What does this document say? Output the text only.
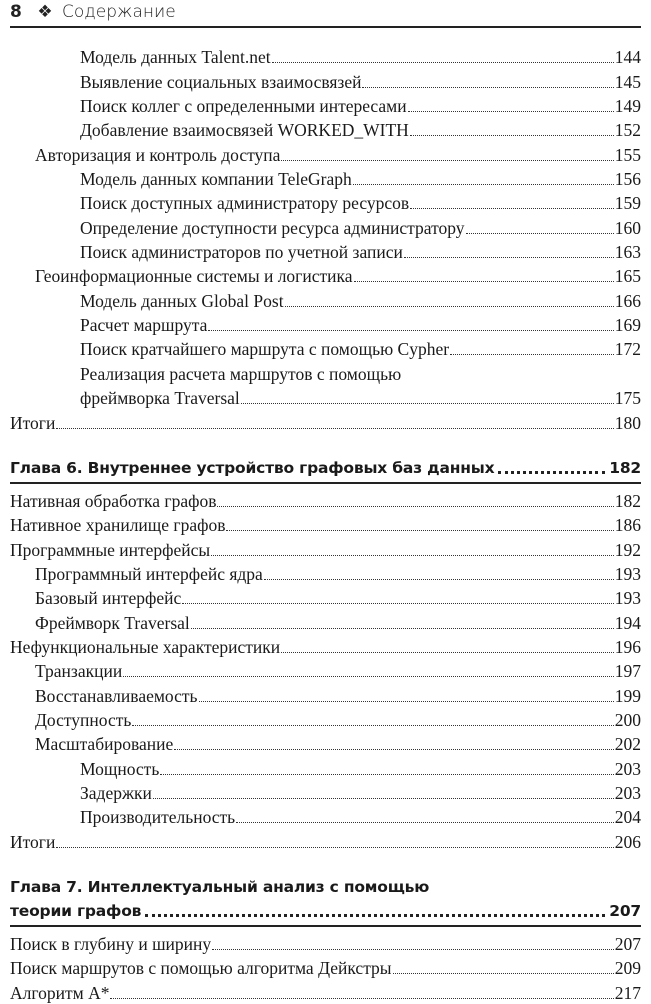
8 ❖ Содержание
Модель данных Talent.net	144
Выявление социальных взаимосвязей	145
Поиск коллег с определенными интересами	149
Добавление взаимосвязей WORKED_WITH	152
Авторизация и контроль доступа	155
Модель данных компании TeleGraph	156
Поиск доступных администратору ресурсов	159
Определение доступности ресурса администратору	160
Поиск администраторов по учетной записи	163
Геоинформационные системы и логистика	165
Модель данных Global Post	166
Расчет маршрута	169
Поиск кратчайшего маршрута с помощью Cypher	172
Реализация расчета маршрутов с помощью
фреймворка Traversal	175
Итоги	180
Глава 6. Внутреннее устройство графовых баз данных	182
Нативная обработка графов	182
Нативное хранилище графов	186
Программные интерфейсы	192
Программный интерфейс ядра	193
Базовый интерфейс	193
Фреймворк Traversal	194
Нефункциональные характеристики	196
Транзакции	197
Восстанавливаемость	199
Доступность	200
Масштабирование	202
Мощность	203
Задержки	203
Производительность	204
Итоги	206
Глава 7. Интеллектуальный анализ с помощью
теории графов	207
Поиск в глубину и ширину	207
Поиск маршрутов с помощью алгоритма Дейкстры	209
Алгоритм А*	217
